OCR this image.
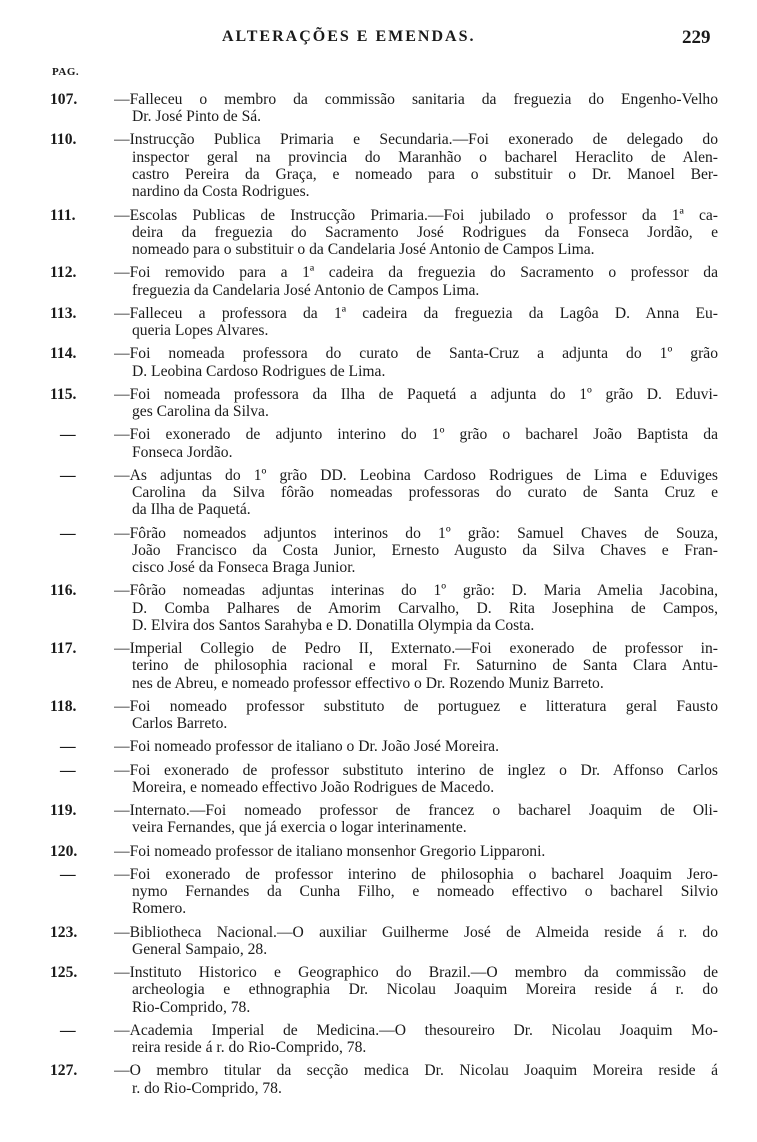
ALTERAÇÕES E EMENDAS.	229
PAG.
107.	—Falleceu o membro da commissão sanitaria da freguezia do Engenho-Velho
Dr. José Pinto de Sá.
110.	—Instrucção Publica Primaria e Secundaria.—Foi exonerado de delegado do
inspector geral na provincia do Maranhão o bacharel Heraclito de Alen-
castro Pereira da Graça, e nomeado para o substituir o Dr. Manoel Ber-
nardino da Costa Rodrigues.
111.	—Escolas Publicas de Instrucção Primaria.—Foi jubilado o professor da 1ª ca-
deira da freguezia do Sacramento José Rodrigues da Fonseca Jordão, e
nomeado para o substituir o da Candelaria José Antonio de Campos Lima.
112.	—Foi removido para a 1ª cadeira da freguezia do Sacramento o professor da
freguezia da Candelaria José Antonio de Campos Lima.
113.	—Falleceu a professora da 1ª cadeira da freguezia da Lagôa D. Anna Eu-
queria Lopes Alvares.
114.	—Foi nomeada professora do curato de Santa-Cruz a adjunta do 1º grão
D. Leobina Cardoso Rodrigues de Lima.
115.	—Foi nomeada professora da Ilha de Paquetá a adjunta do 1º grão D. Eduvi-
ges Carolina da Silva.
—	—Foi exonerado de adjunto interino do 1º grão o bacharel João Baptista da
Fonseca Jordão.
—	—As adjuntas do 1º grão DD. Leobina Cardoso Rodrigues de Lima e Eduviges
Carolina da Silva fôrão nomeadas professoras do curato de Santa Cruz e
da Ilha de Paquetá.
—	—Fôrão nomeados adjuntos interinos do 1º grão: Samuel Chaves de Souza,
João Francisco da Costa Junior, Ernesto Augusto da Silva Chaves e Fran-
cisco José da Fonseca Braga Junior.
116.	—Fôrão nomeadas adjuntas interinas do 1º grão: D. Maria Amelia Jacobina,
D. Comba Palhares de Amorim Carvalho, D. Rita Josephina de Campos,
D. Elvira dos Santos Sarahyba e D. Donatilla Olympia da Costa.
117.	—Imperial Collegio de Pedro II, Externato.—Foi exonerado de professor in-
terino de philosophia racional e moral Fr. Saturnino de Santa Clara Antu-
nes de Abreu, e nomeado professor effectivo o Dr. Rozendo Muniz Barreto.
118.	—Foi nomeado professor substituto de portuguez e litteratura geral Fausto
Carlos Barreto.
—	—Foi nomeado professor de italiano o Dr. João José Moreira.
—	—Foi exonerado de professor substituto interino de inglez o Dr. Affonso Carlos
Moreira, e nomeado effectivo João Rodrigues de Macedo.
119.	—Internato.—Foi nomeado professor de francez o bacharel Joaquim de Oli-
veira Fernandes, que já exercia o logar interinamente.
120.	—Foi nomeado professor de italiano monsenhor Gregorio Lipparoni.
—	—Foi exonerado de professor interino de philosophia o bacharel Joaquim Jero-
nymo Fernandes da Cunha Filho, e nomeado effectivo o bacharel Silvio
Romero.
123.	—Bibliotheca Nacional.—O auxiliar Guilherme José de Almeida reside á r. do
General Sampaio, 28.
125.	—Instituto Historico e Geographico do Brazil.—O membro da commissão de
archeologia e ethnographia Dr. Nicolau Joaquim Moreira reside á r. do
Rio-Comprido, 78.
—	—Academia Imperial de Medicina.—O thesoureiro Dr. Nicolau Joaquim Mo-
reira reside á r. do Rio-Comprido, 78.
127.	—O membro titular da secção medica Dr. Nicolau Joaquim Moreira reside á
r. do Rio-Comprido, 78.
